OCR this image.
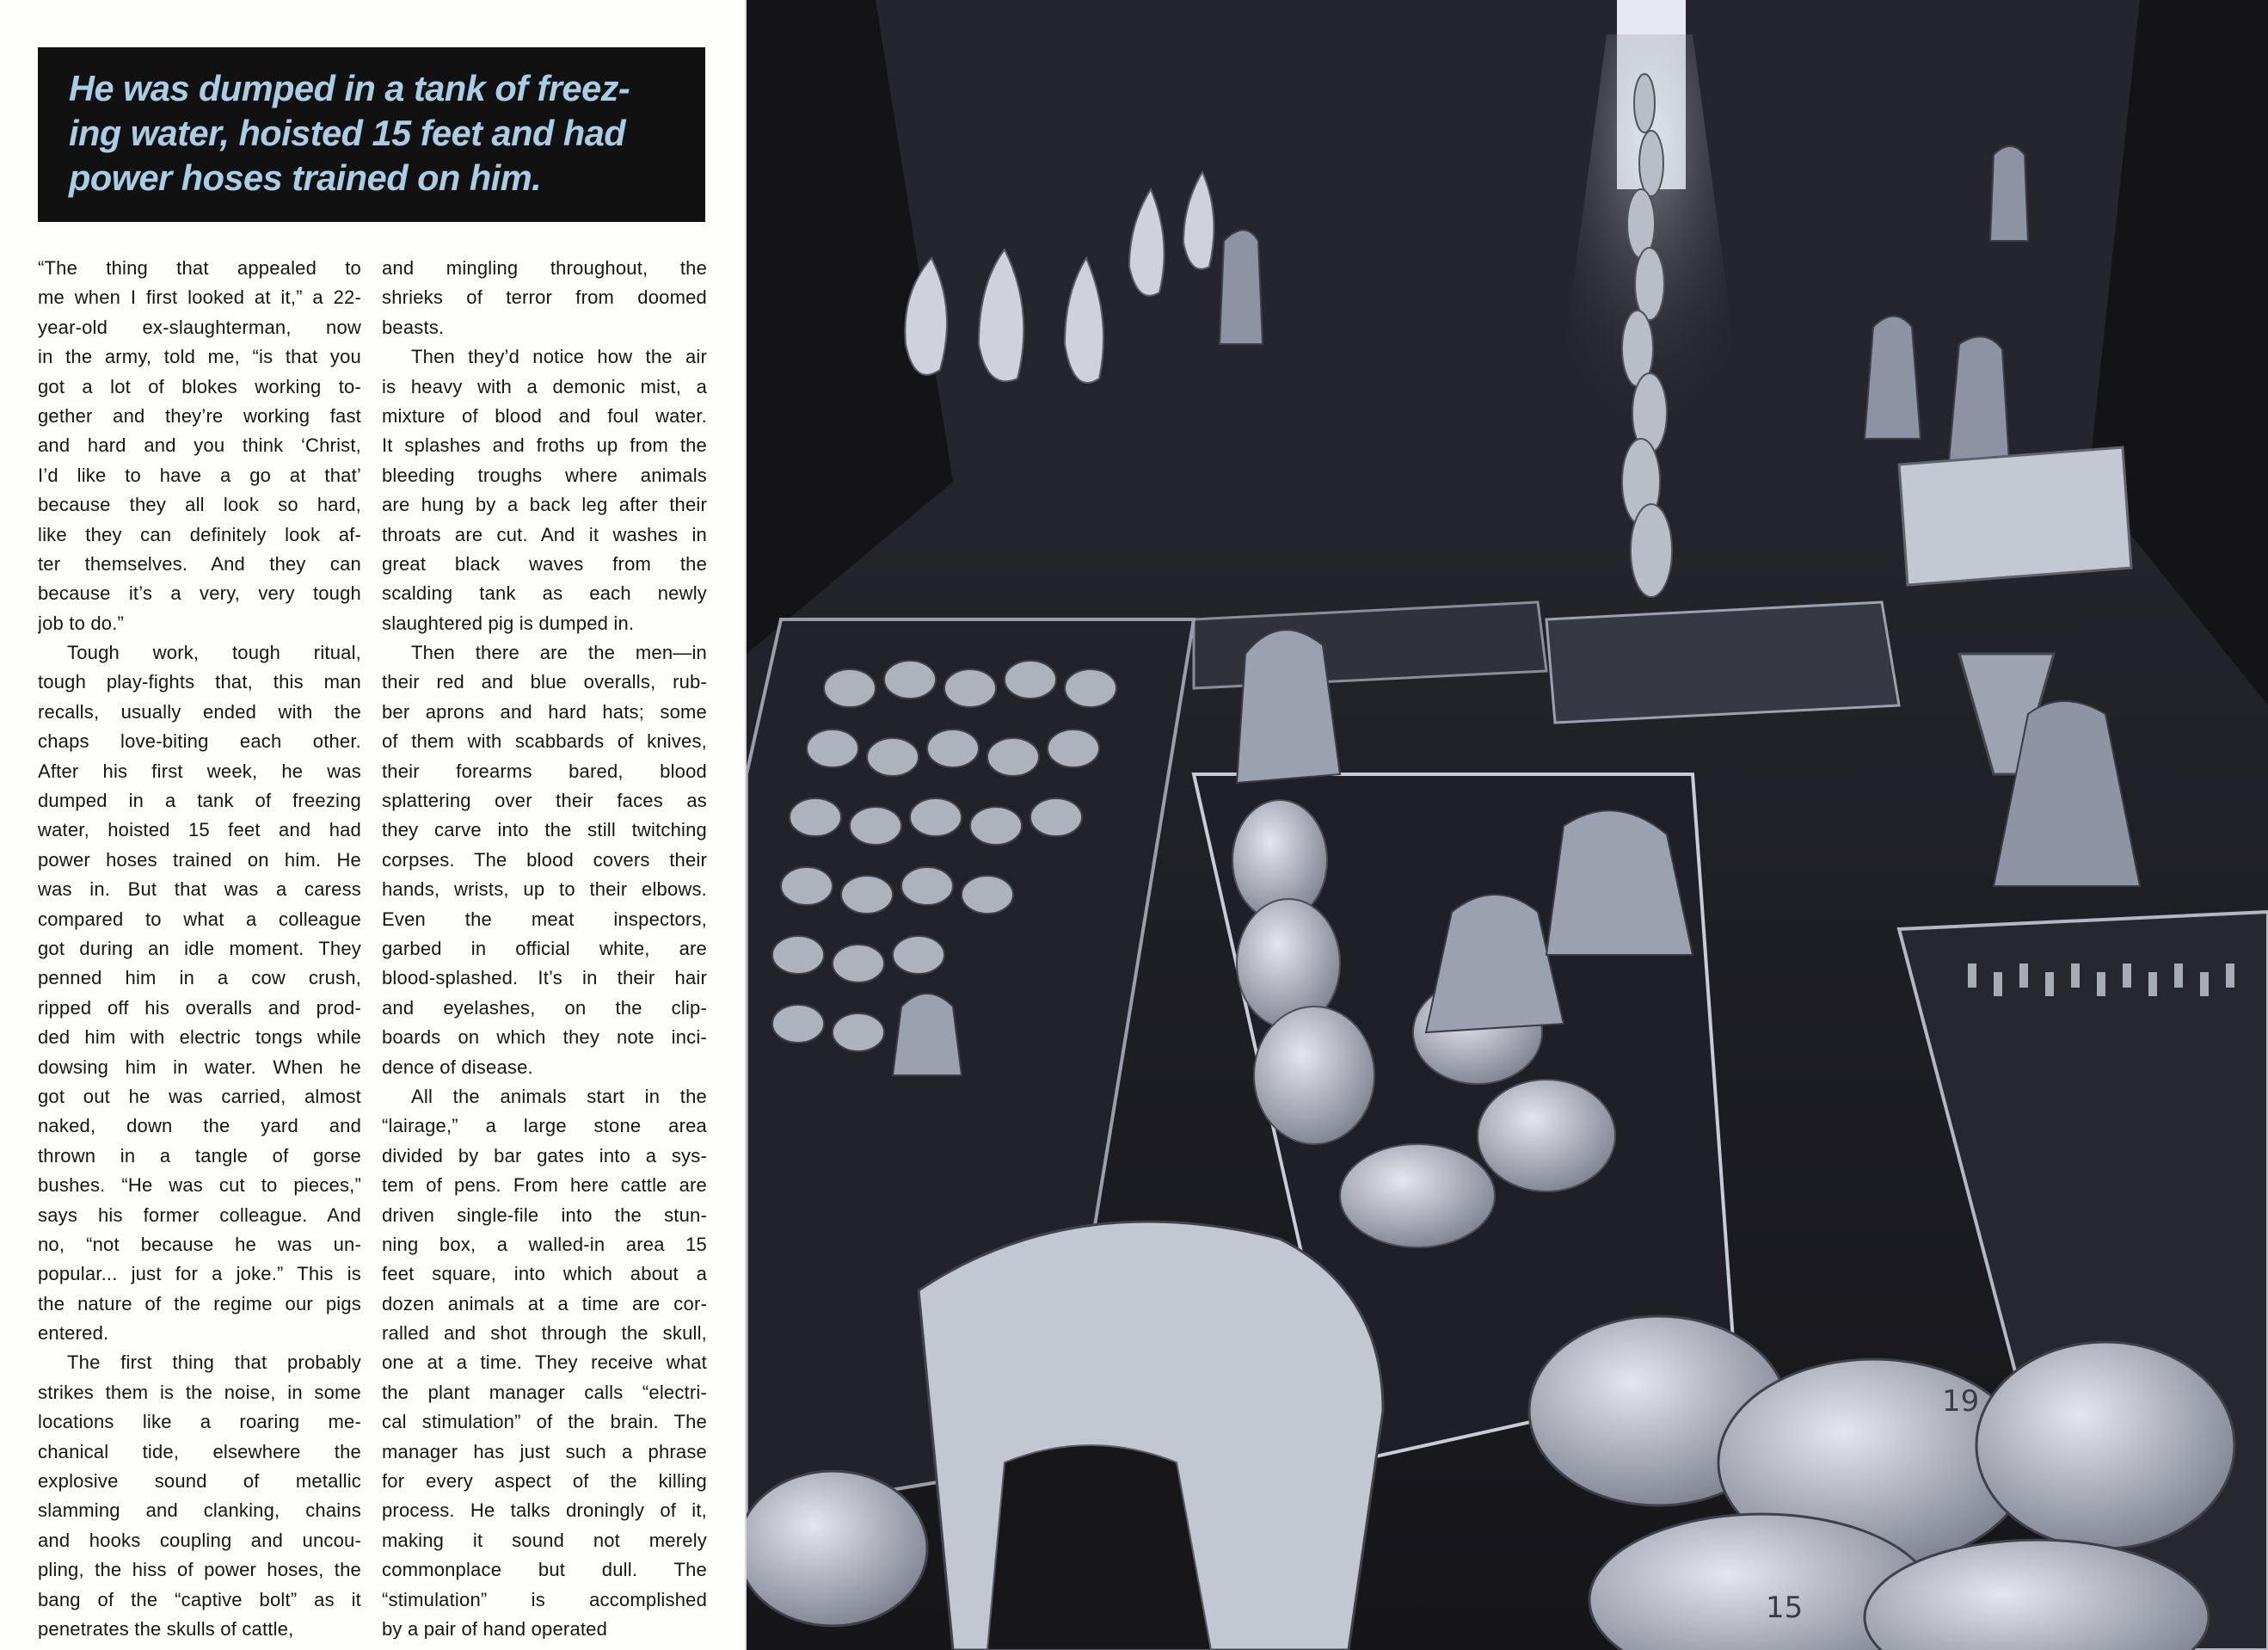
He was dumped in a tank of freez-
ing water, hoisted 15 feet and had
power hoses trained on him.

“The thing that appealed to
me when I first looked at it,” a 22-
year-old ex-slaughterman, now
in the army, told me, “is that you
got a lot of blokes working to-
gether and they’re working fast
and hard and you think ‘Christ,
I’d like to have a go at that’
because they all look so hard,
like they can definitely look af-
ter themselves. And they can
because it’s a very, very tough
job to do.”
Tough work, tough ritual,
tough play-fights that, this man
recalls, usually ended with the
chaps love-biting each other.
After his first week, he was
dumped in a tank of freezing
water, hoisted 15 feet and had
power hoses trained on him. He
was in. But that was a caress
compared to what a colleague
got during an idle moment. They
penned him in a cow crush,
ripped off his overalls and prod-
ded him with electric tongs while
dowsing him in water. When he
got out he was carried, almost
naked, down the yard and
thrown in a tangle of gorse
bushes. “He was cut to pieces,”
says his former colleague. And
no, “not because he was un-
popular... just for a joke.” This is
the nature of the regime our pigs
entered.
The first thing that probably
strikes them is the noise, in some
locations like a roaring me-
chanical tide, elsewhere the
explosive sound of metallic
slamming and clanking, chains
and hooks coupling and uncou-
pling, the hiss of power hoses, the
bang of the “captive bolt” as it
penetrates the skulls of cattle,
and mingling throughout, the
shrieks of terror from doomed
beasts.
Then they’d notice how the air
is heavy with a demonic mist, a
mixture of blood and foul water.
It splashes and froths up from the
bleeding troughs where animals
are hung by a back leg after their
throats are cut. And it washes in
great black waves from the
scalding tank as each newly
slaughtered pig is dumped in.
Then there are the men—in
their red and blue overalls, rub-
ber aprons and hard hats; some
of them with scabbards of knives,
their forearms bared, blood
splattering over their faces as
they carve into the still twitching
corpses. The blood covers their
hands, wrists, up to their elbows.
Even the meat inspectors,
garbed in official white, are
blood-splashed. It’s in their hair
and eyelashes, on the clip-
boards on which they note inci-
dence of disease.
All the animals start in the
“lairage,” a large stone area
divided by bar gates into a sys-
tem of pens. From here cattle are
driven single-file into the stun-
ning box, a walled-in area 15
feet square, into which about a
dozen animals at a time are cor-
ralled and shot through the skull,
one at a time. They receive what
the plant manager calls “electri-
cal stimulation” of the brain. The
manager has just such a phrase
for every aspect of the killing
process. He talks droningly of it,
making it sound not merely
commonplace but dull. The
“stimulation” is accomplished
by a pair of hand operated
19
15
